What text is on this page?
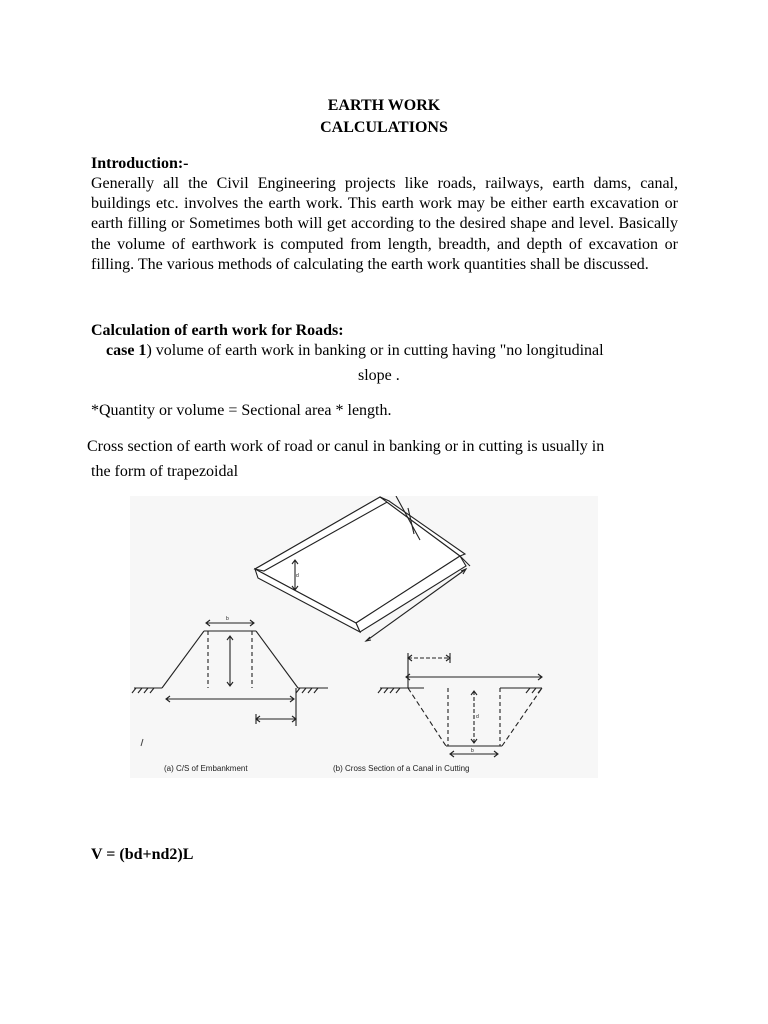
EARTH WORK
CALCULATIONS
Introduction:-
Generally all the Civil Engineering projects like roads, railways, earth dams, canal, buildings etc. involves the earth work. This earth work may be either earth excavation or earth filling or Sometimes both will get according to the desired shape and level. Basically the volume of earthwork is computed from length, breadth, and depth of excavation or filling. The various methods of calculating the earth work quantities shall be discussed.
Calculation of earth work for Roads:
case 1) volume of earth work in banking or in cutting having "no longitudinal
slope .
*Quantity or volume = Sectional area * length.
Cross section of earth work of road or canul in banking or in cutting is usually in
the form of trapezoidal
d
b
d
b
(a) C/S of Embankment	(b) Cross Section of a Canal in Cutting
V = (bd+nd2)L
